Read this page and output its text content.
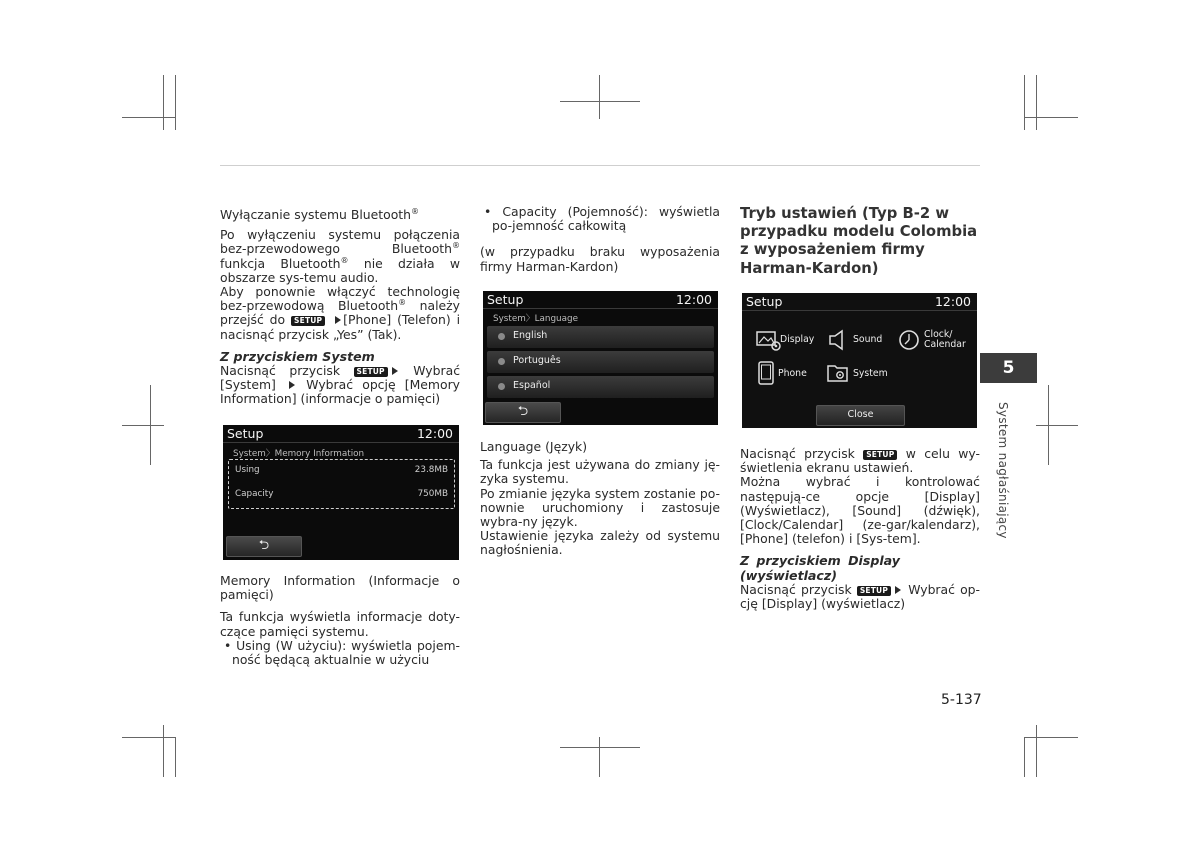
Wyłączanie systemu Bluetooth®

Po wyłączeniu systemu połączenia bez-przewodowego Bluetooth® funkcja Bluetooth® nie działa w obszarze sys-temu audio.

Aby ponownie włączyć technologię bez-przewodową Bluetooth® należy przejść do SETUP [Phone] (Telefon) i nacisnąć przycisk „Yes” (Tak).

Z przyciskiem System

Nacisnąć przycisk SETUP Wybrać [System]  Wybrać opcję [Memory Information] (informacje o pamięci)

Setup	12:00
System〉Memory Information
Using	23.8MB
Capacity	750MB
⮌

Memory Information (Informacje o pamięci)

Ta funkcja wyświetla informacje doty-czące pamięci systemu.

• Using (W użyciu): wyświetla pojem-ność będącą aktualnie w użyciu

• Capacity (Pojemność): wyświetla po-jemność całkowitą

(w przypadku braku wyposażenia firmy Harman-Kardon)

Setup	12:00
System〉Language
English
Português
Español
⮌

Language (Język)

Ta funkcja jest używana do zmiany ję-zyka systemu.

Po zmianie języka system zostanie po-nownie uruchomiony i zastosuje wybra-ny język.

Ustawienie języka zależy od systemu nagłośnienia.

Tryb ustawień (Typ B-2 w przypadku modelu Colombia z wyposażeniem firmy Harman-Kardon)
Setup	12:00
Display	Sound	Clock/ Calendar
Phone	System
Close

Nacisnąć przycisk SETUP w celu wy-świetlenia ekranu ustawień.

Można wybrać i kontrolować następują-ce opcje [Display] (Wyświetlacz), [Sound] (dźwięk), [Clock/Calendar] (ze-gar/kalendarz), [Phone] (telefon) i [Sys-tem].

Z przyciskiem Display (wyświetlacz)

Nacisnąć przycisk SETUP Wybrać op-cję [Display] (wyświetlacz)

5
System nagłaśniający
5-137
